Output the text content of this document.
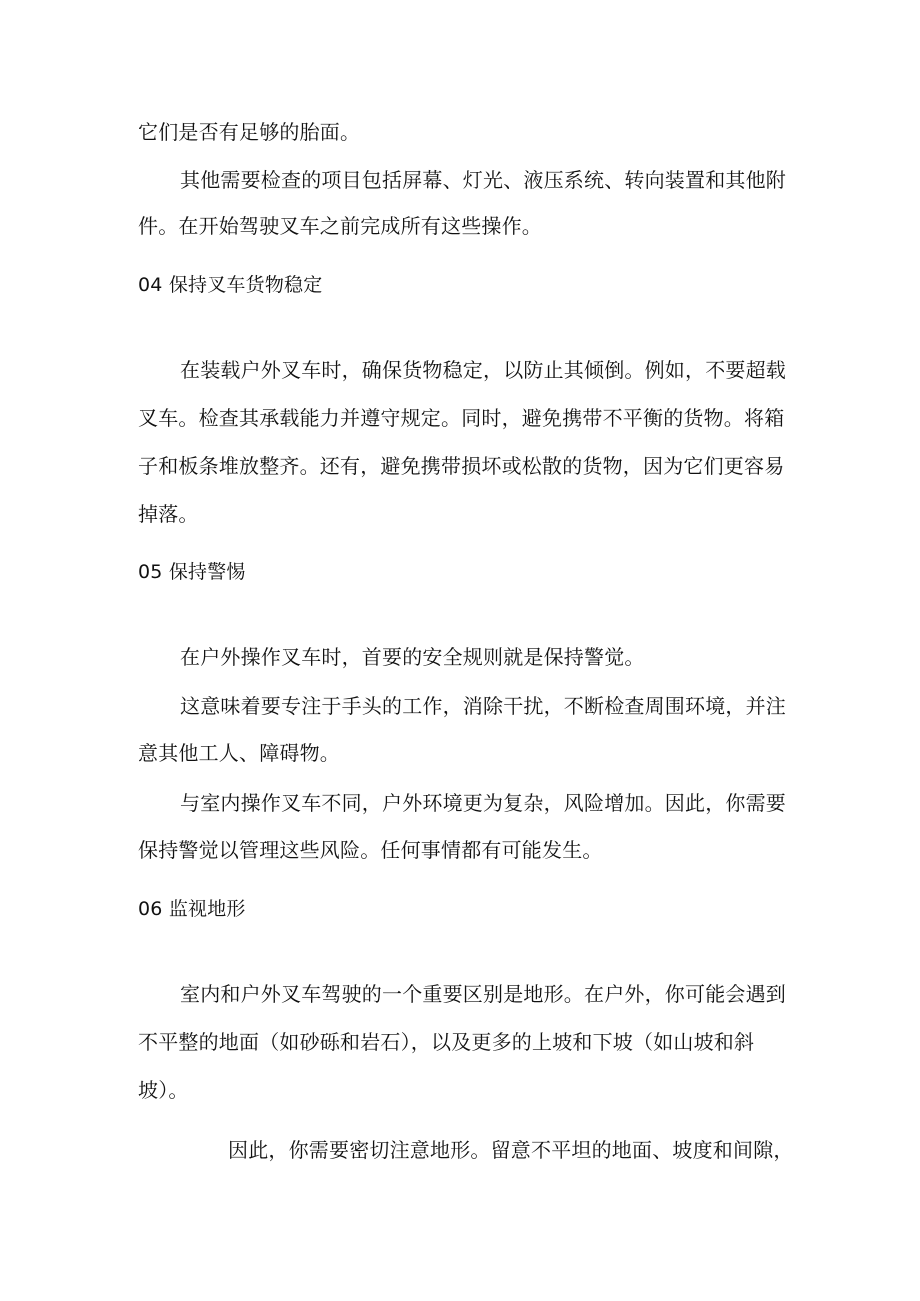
它们是否有足够的胎面。
其他需要检查的项目包括屏幕、灯光、液压系统、转向装置和其他附
件。在开始驾驶叉车之前完成所有这些操作。
04 保持叉车货物稳定
在装载户外叉车时，确保货物稳定，以防止其倾倒。例如，不要超载
叉车。检查其承载能力并遵守规定。同时，避免携带不平衡的货物。将箱
子和板条堆放整齐。还有，避免携带损坏或松散的货物，因为它们更容易
掉落。
05 保持警惕
在户外操作叉车时，首要的安全规则就是保持警觉。
这意味着要专注于手头的工作，消除干扰，不断检查周围环境，并注
意其他工人、障碍物。
与室内操作叉车不同，户外环境更为复杂，风险增加。因此，你需要
保持警觉以管理这些风险。任何事情都有可能发生。
06 监视地形
室内和户外叉车驾驶的一个重要区别是地形。在户外，你可能会遇到
不平整的地面（如砂砾和岩石），以及更多的上坡和下坡（如山坡和斜
坡）。
因此，你需要密切注意地形。留意不平坦的地面、坡度和间隙，
